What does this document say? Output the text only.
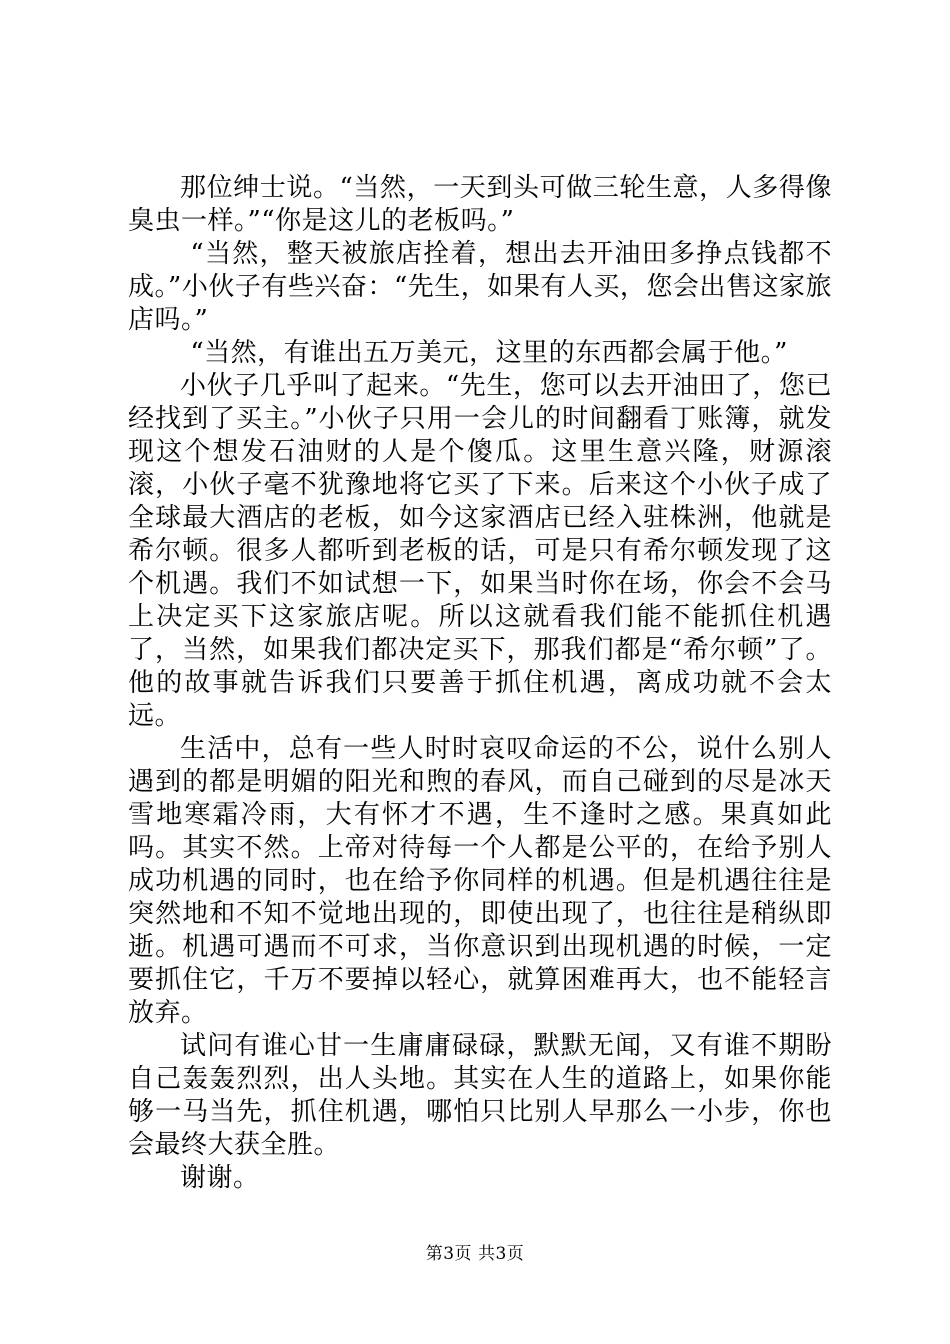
那位绅士说。“当然，一天到头可做三轮生意，人多得像臭虫一样。”“你是这儿的老板吗。”

“当然，整天被旅店拴着，想出去开油田多挣点钱都不成。”小伙子有些兴奋：“先生，如果有人买，您会出售这家旅店吗。”

“当然，有谁出五万美元，这里的东西都会属于他。”

小伙子几乎叫了起来。“先生，您可以去开油田了，您已经找到了买主。”小伙子只用一会儿的时间翻看丁账簿，就发现这个想发石油财的人是个傻瓜。这里生意兴隆，财源滚滚，小伙子毫不犹豫地将它买了下来。后来这个小伙子成了全球最大酒店的老板，如今这家酒店已经入驻株洲，他就是希尔顿。很多人都听到老板的话，可是只有希尔顿发现了这个机遇。我们不如试想一下，如果当时你在场，你会不会马上决定买下这家旅店呢。所以这就看我们能不能抓住机遇了，当然，如果我们都决定买下，那我们都是“希尔顿”了。他的故事就告诉我们只要善于抓住机遇，离成功就不会太远。

生活中，总有一些人时时哀叹命运的不公，说什么别人遇到的都是明媚的阳光和煦的春风，而自己碰到的尽是冰天雪地寒霜冷雨，大有怀才不遇，生不逢时之感。果真如此吗。其实不然。上帝对待每一个人都是公平的，在给予别人成功机遇的同时，也在给予你同样的机遇。但是机遇往往是突然地和不知不觉地出现的，即使出现了，也往往是稍纵即逝。机遇可遇而不可求，当你意识到出现机遇的时候，一定要抓住它，千万不要掉以轻心，就算困难再大，也不能轻言放弃。

试问有谁心甘一生庸庸碌碌，默默无闻，又有谁不期盼自己轰轰烈烈，出人头地。其实在人生的道路上，如果你能够一马当先，抓住机遇，哪怕只比别人早那么一小步，你也会最终大获全胜。

谢谢。

第3页 共3页
